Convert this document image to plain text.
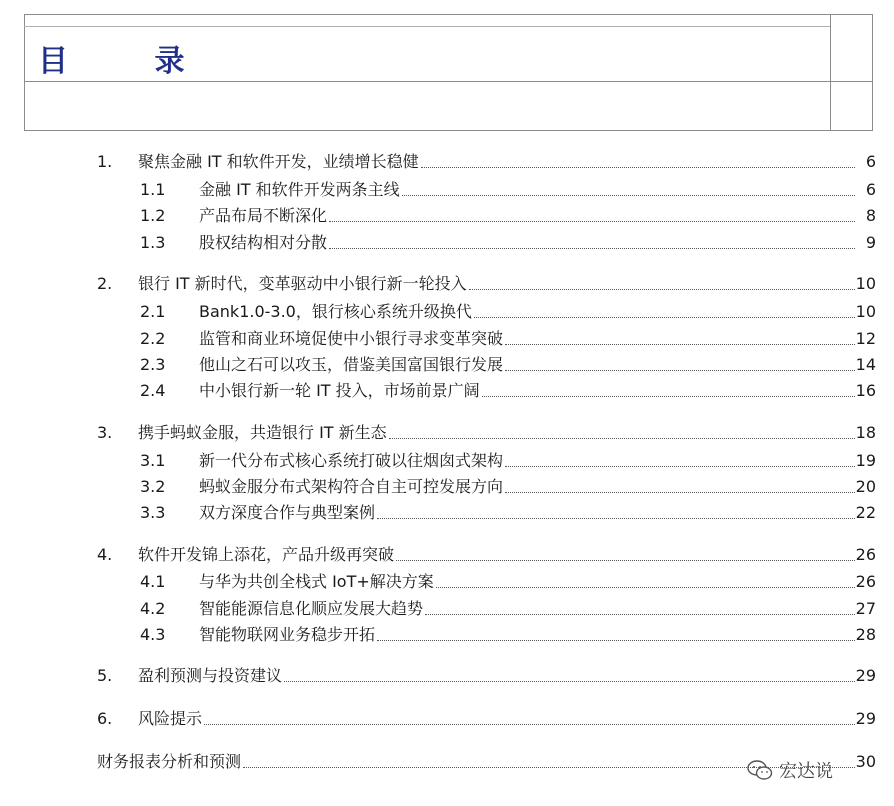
目 录
1. 聚焦金融 IT 和软件开发，业绩增长稳健	6
1.1 金融 IT 和软件开发两条主线	6
1.2 产品布局不断深化	8
1.3 股权结构相对分散	9
2. 银行 IT 新时代，变革驱动中小银行新一轮投入	10
2.1 Bank1.0-3.0，银行核心系统升级换代	10
2.2 监管和商业环境促使中小银行寻求变革突破	12
2.3 他山之石可以攻玉，借鉴美国富国银行发展	14
2.4 中小银行新一轮 IT 投入，市场前景广阔	16
3. 携手蚂蚁金服，共造银行 IT 新生态	18
3.1 新一代分布式核心系统打破以往烟囱式架构	19
3.2 蚂蚁金服分布式架构符合自主可控发展方向	20
3.3 双方深度合作与典型案例	22
4. 软件开发锦上添花，产品升级再突破	26
4.1 与华为共创全栈式 IoT+解决方案	26
4.2 智能能源信息化顺应发展大趋势	27
4.3 智能物联网业务稳步开拓	28
5. 盈利预测与投资建议	29
6. 风险提示	29
财务报表分析和预测	30
宏达说
